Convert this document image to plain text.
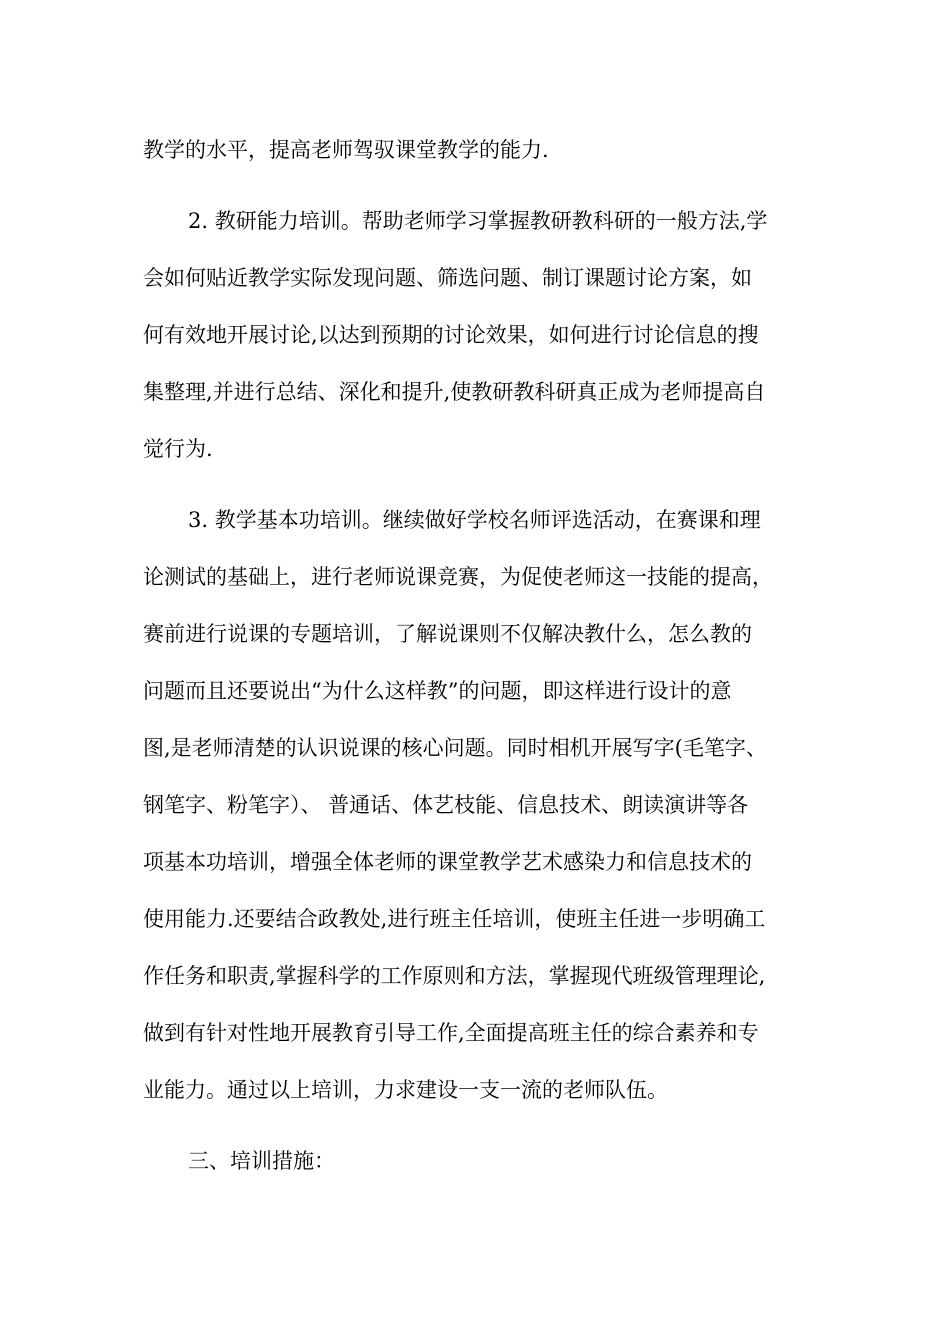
教学的水平，提高老师驾驭课堂教学的能力.
2. 教研能力培训。帮助老师学习掌握教研教科研的一般方法,学
会如何贴近教学实际发现问题、筛选问题、制订课题讨论方案，如
何有效地开展讨论,以达到预期的讨论效果，如何进行讨论信息的搜
集整理,并进行总结、深化和提升,使教研教科研真正成为老师提高自
觉行为.
3. 教学基本功培训。继续做好学校名师评选活动，在赛课和理
论测试的基础上，进行老师说课竞赛，为促使老师这一技能的提高，
赛前进行说课的专题培训，了解说课则不仅解决教什么，怎么教的
问题而且还要说出“为什么这样教”的问题，即这样进行设计的意
图,是老师清楚的认识说课的核心问题。同时相机开展写字(毛笔字、
钢笔字、粉笔字）、 普通话、体艺枝能、信息技术、朗读演讲等各
项基本功培训，增强全体老师的课堂教学艺术感染力和信息技术的
使用能力.还要结合政教处,进行班主任培训，使班主任进一步明确工
作任务和职责,掌握科学的工作原则和方法，掌握现代班级管理理论,
做到有针对性地开展教育引导工作,全面提高班主任的综合素养和专
业能力。通过以上培训，力求建设一支一流的老师队伍。
三、培训措施：
